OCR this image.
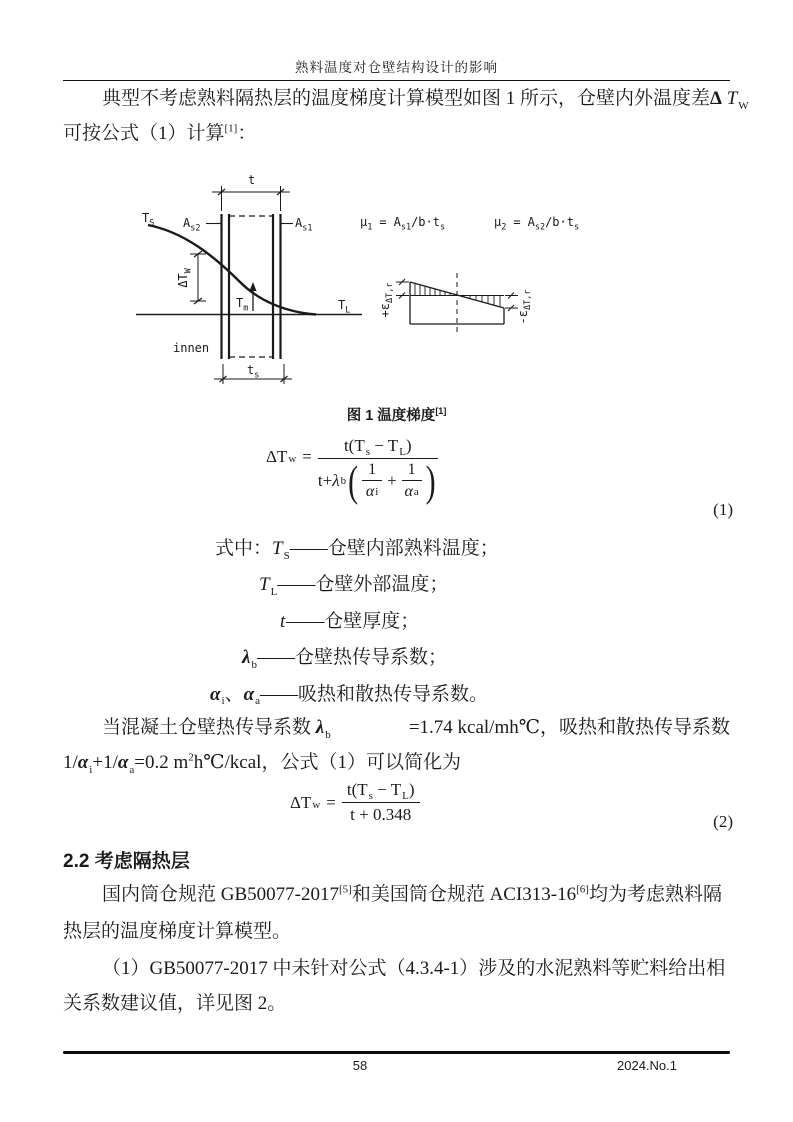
熟料温度对仓壁结构设计的影响
典型不考虑熟料隔热层的温度梯度计算模型如图 1 所示，仓壁内外温度差 Δ $T_W$
可按公式（1）计算[1]：
t
$T_S$ $A_{s2}$	$A_{s1}$
$\Delta T_W$
$T_m$	$T_L$
innen
$t_s$
$\mu_1 = A_{s1}/b\cdot t_s$	$\mu_2 = A_{s2}/b\cdot t_s$
$+\varepsilon_{\Delta T,r}$
$-\varepsilon_{\Delta T,r}$
图 1 温度梯度[1]
ΔT w =
$t(T_s - T_L)$
t + λ b ( $\frac{1}{\text{α i}} + \frac{1}{\text{α a}}$ )
(1)
式中：$T_S——$仓壁内部熟料温度；
$T_L——$仓壁外部温度；
t——仓壁厚度；
$\lambda_b——$仓壁热传导系数；
$\alpha_i$、$\alpha_a——$吸热和散热传导系数。
当混凝土仓壁热传导系数 $\lambda_b$	=1.74 kcal/mh℃，吸热和散热传导系数
$1/\alpha_i+1/\alpha_a=0.2$ $m^2h℃$/kcal，公式（1）可以简化为
ΔT $w = \frac{t(T_s - T_L)}{t + 0.348}$	(2)
2.2 考虑隔热层
国内筒仓规范 GB50077-2017[5]和美国筒仓规范 ACI313-16[6]均为考虑熟料隔
热层的温度梯度计算模型。
（1）GB50077-2017 中未针对公式（4.3.4-1）涉及的水泥熟料等贮料给出相
关系数建议值，详见图 2。
58	2024.No.1
